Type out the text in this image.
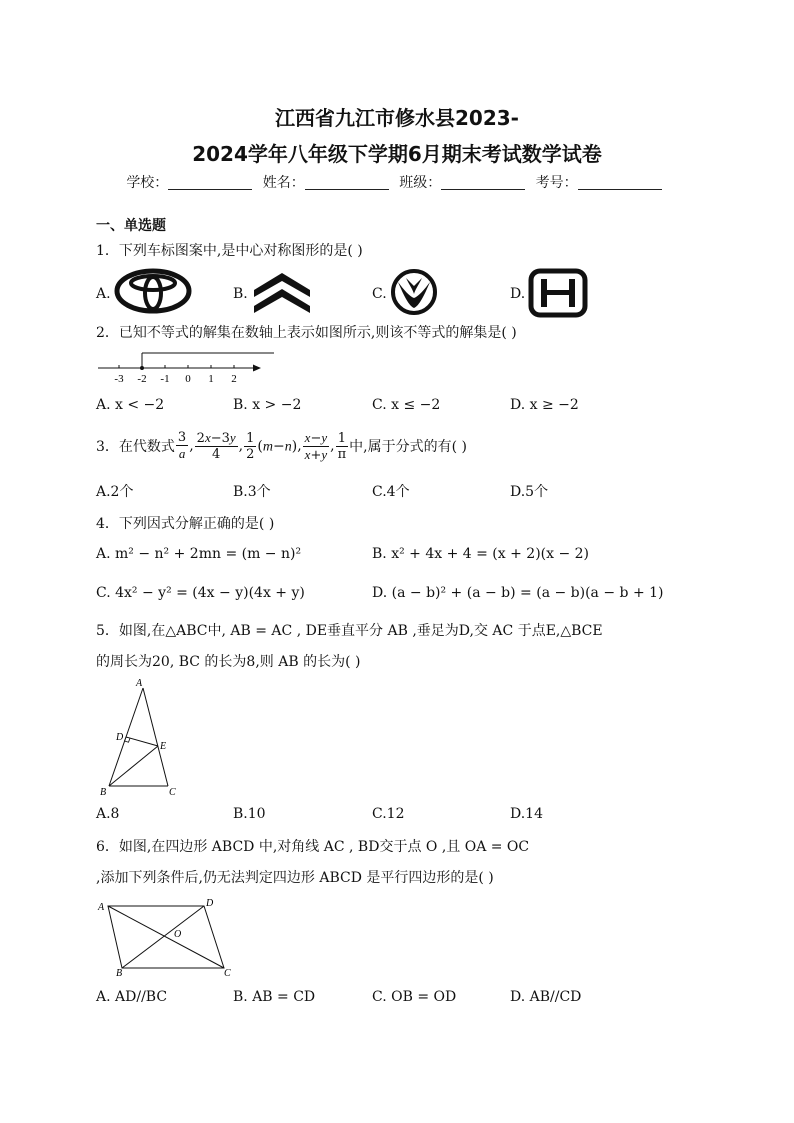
江西省九江市修水县2023-
2024学年八年级下学期6月期末考试数学试卷
学校：	姓名：	班级：	考号：
一、单选题
1．下列车标图案中,是中心对称图形的是( )
A.	B.	C.	D.
2．已知不等式的解集在数轴上表示如图所示,则该不等式的解集是( )
-3 -2 -1 0 1 2
A. x < −2	B. x > −2	C. x ≤ −2	D. x ≥ −2
3．在代数式 $\frac{3}{a}$ , $\frac{2x-3y}{4}$ , $\frac{1}{2} (m-n)$ , $\frac{x-y}{x+y}$ , $\frac{1}{\pi}$ 中,属于分式的有( )
A.2个	B.3个	C.4个	D.5个
4．下列因式分解正确的是( )
A. m² − n² + 2mn = (m − n)²	B. x² + 4x + 4 = (x + 2)(x − 2)
C. 4x² − y² = (4x − y)(4x + y)	D. (a − b)² + (a − b) = (a − b)(a − b + 1)
5．如图,在△ABC中, AB = AC , DE垂直平分 AB ,垂足为D,交 AC 于点E,△BCE
的周长为20, BC 的长为8,则 AB 的长为( )
A
B	C
D
E
A.8	B.10	C.12	D.14
6．如图,在四边形 ABCD 中,对角线 AC , BD交于点 O ,且 OA = OC
,添加下列条件后,仍无法判定四边形 ABCD 是平行四边形的是( )
A	D
O
B	C
A. AD//BC	B. AB = CD	C. OB = OD	D. AB//CD
